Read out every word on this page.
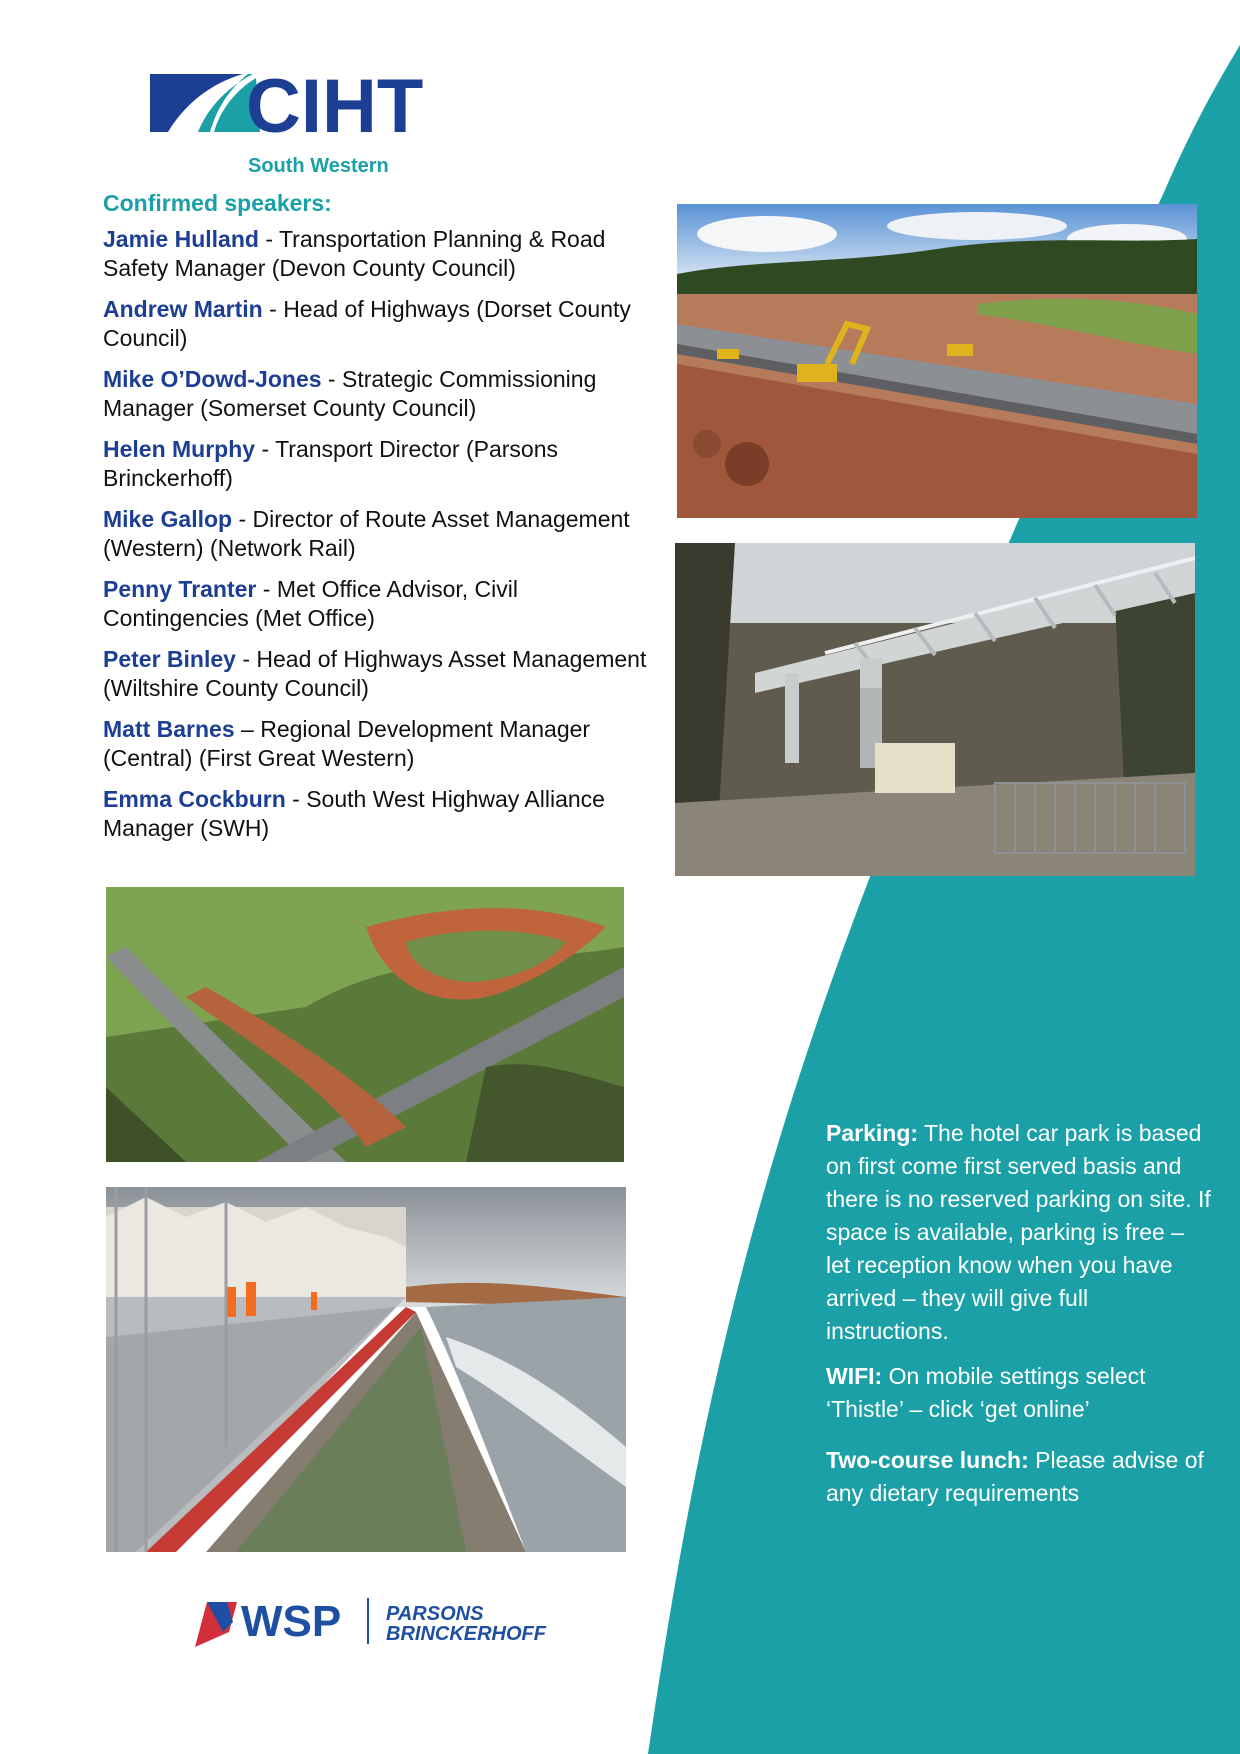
CIHT
South Western
Confirmed speakers:
Jamie Hulland - Transportation Planning & Road Safety Manager (Devon County Council)
Andrew Martin - Head of Highways (Dorset County Council)
Mike O’Dowd-Jones - Strategic Commissioning Manager (Somerset County Council)
Helen Murphy - Transport Director (Parsons Brinckerhoff)
Mike Gallop - Director of Route Asset Management (Western) (Network Rail)
Penny Tranter - Met Office Advisor, Civil Contingencies (Met Office)
Peter Binley - Head of Highways Asset Management (Wiltshire County Council)
Matt Barnes – Regional Development Manager (Central) (First Great Western)
Emma Cockburn - South West Highway Alliance Manager (SWH)

Parking: The hotel car park is based on first come first served basis and there is no reserved parking on site. If space is available, parking is free – let reception know when you have arrived – they will give full instructions.

WIFI: On mobile settings select ‘Thistle’ – click ‘get online’

Two-course lunch: Please advise of any dietary requirements

WSP PARSONS
BRINCKERHOFF
